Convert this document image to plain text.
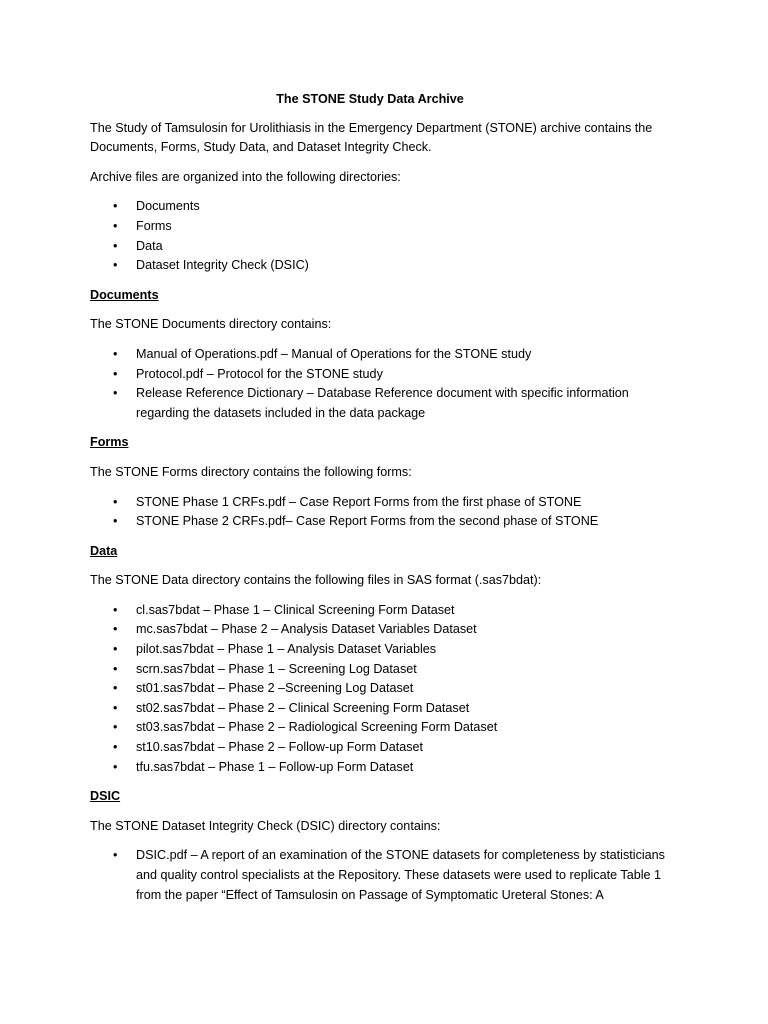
The STONE Study Data Archive

The Study of Tamsulosin for Urolithiasis in the Emergency Department (STONE) archive contains the Documents, Forms, Study Data, and Dataset Integrity Check.

Archive files are organized into the following directories:

• Documents
• Forms
• Data
• Dataset Integrity Check (DSIC)

Documents

The STONE Documents directory contains:

• Manual of Operations.pdf – Manual of Operations for the STONE study
• Protocol.pdf – Protocol for the STONE study
• Release Reference Dictionary – Database Reference document with specific information regarding the datasets included in the data package

Forms

The STONE Forms directory contains the following forms:

• STONE Phase 1 CRFs.pdf – Case Report Forms from the first phase of STONE
• STONE Phase 2 CRFs.pdf– Case Report Forms from the second phase of STONE

Data

The STONE Data directory contains the following files in SAS format (.sas7bdat):

• cl.sas7bdat – Phase 1 – Clinical Screening Form Dataset
• mc.sas7bdat – Phase 2 – Analysis Dataset Variables Dataset
• pilot.sas7bdat – Phase 1 – Analysis Dataset Variables
• scrn.sas7bdat – Phase 1 – Screening Log Dataset
• st01.sas7bdat – Phase 2 –Screening Log Dataset
• st02.sas7bdat – Phase 2 – Clinical Screening Form Dataset
• st03.sas7bdat – Phase 2 – Radiological Screening Form Dataset
• st10.sas7bdat – Phase 2 – Follow-up Form Dataset
• tfu.sas7bdat – Phase 1 – Follow-up Form Dataset

DSIC

The STONE Dataset Integrity Check (DSIC) directory contains:

• DSIC.pdf – A report of an examination of the STONE datasets for completeness by statisticians and quality control specialists at the Repository. These datasets were used to replicate Table 1 from the paper “Effect of Tamsulosin on Passage of Symptomatic Ureteral Stones: A
